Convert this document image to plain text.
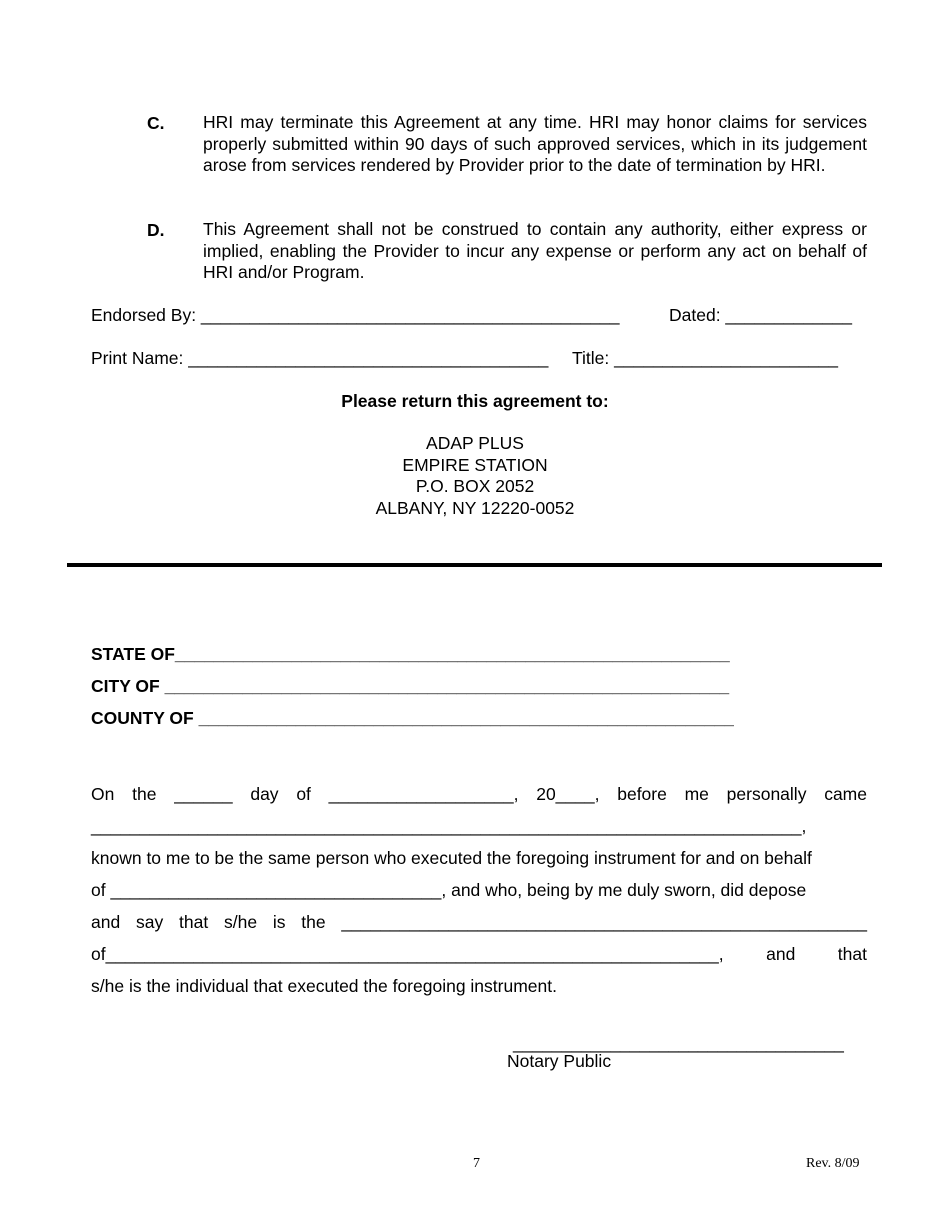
C. HRI may terminate this Agreement at any time. HRI may honor claims for services properly submitted within 90 days of such approved services, which in its judgement arose from services rendered by Provider prior to the date of termination by HRI.
D. This Agreement shall not be construed to contain any authority, either express or implied, enabling the Provider to incur any expense or perform any act on behalf of HRI and/or Program.
Endorsed By: ___________________________________________	Dated: _____________
Print Name: _____________________________________ Title: _______________________
Please return this agreement to:
ADAP PLUS
EMPIRE STATION
P.O. BOX 2052
ALBANY, NY 12220-0052
STATE OF_________________________________________________________
CITY OF __________________________________________________________
COUNTY OF _______________________________________________________
On the ______ day of ___________________, 20____, before me personally came
_________________________________________________________________________,
known to me to be the same person who executed the foregoing instrument for and on behalf
of __________________________________, and who, being by me duly sworn, did depose
and say that s/he is the ______________________________________________________
of_______________________________________________________________, and that
s/he is the individual that executed the foregoing instrument.
__________________________________
Notary Public
7	Rev. 8/09
